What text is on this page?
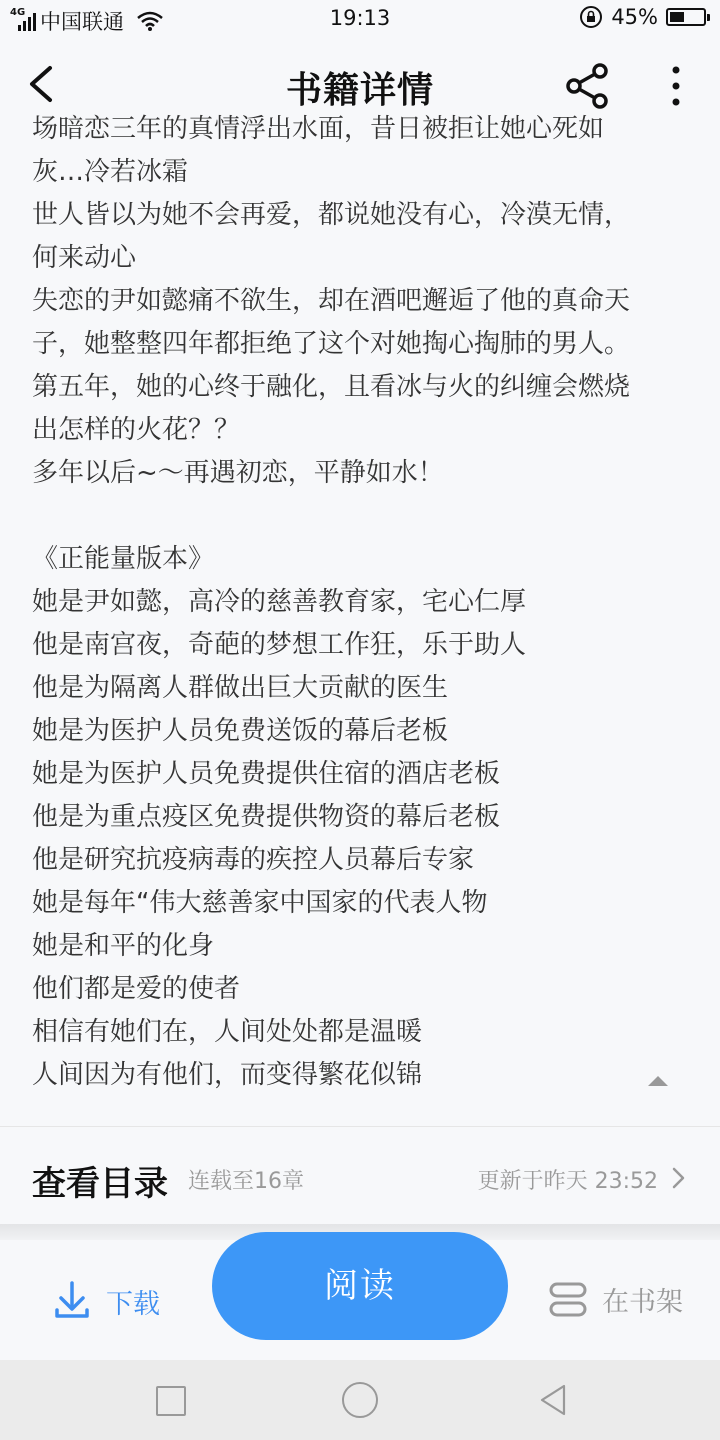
4G 中国联通	19:13	45%
书籍详情
场暗恋三年的真情浮出水面，昔日被拒让她心死如
灰…冷若冰霜
世人皆以为她不会再爱，都说她没有心，冷漠无情，
何来动心
失恋的尹如懿痛不欲生，却在酒吧邂逅了他的真命天
子，她整整四年都拒绝了这个对她掏心掏肺的男人。
第五年，她的心终于融化，且看冰与火的纠缠会燃烧
出怎样的火花？？
多年以后~〜再遇初恋，平静如水！
《正能量版本》
她是尹如懿，高冷的慈善教育家，宅心仁厚
他是南宫夜，奇葩的梦想工作狂，乐于助人
他是为隔离人群做出巨大贡献的医生
她是为医护人员免费送饭的幕后老板
她是为医护人员免费提供住宿的酒店老板
他是为重点疫区免费提供物资的幕后老板
他是研究抗疫病毒的疾控人员幕后专家
她是每年“伟大慈善家中国家的代表人物
她是和平的化身
他们都是爱的使者
相信有她们在，人间处处都是温暖
人间因为有他们，而变得繁花似锦
查看目录 连载至16章	更新于昨天 23:52
下载	阅读	在书架
